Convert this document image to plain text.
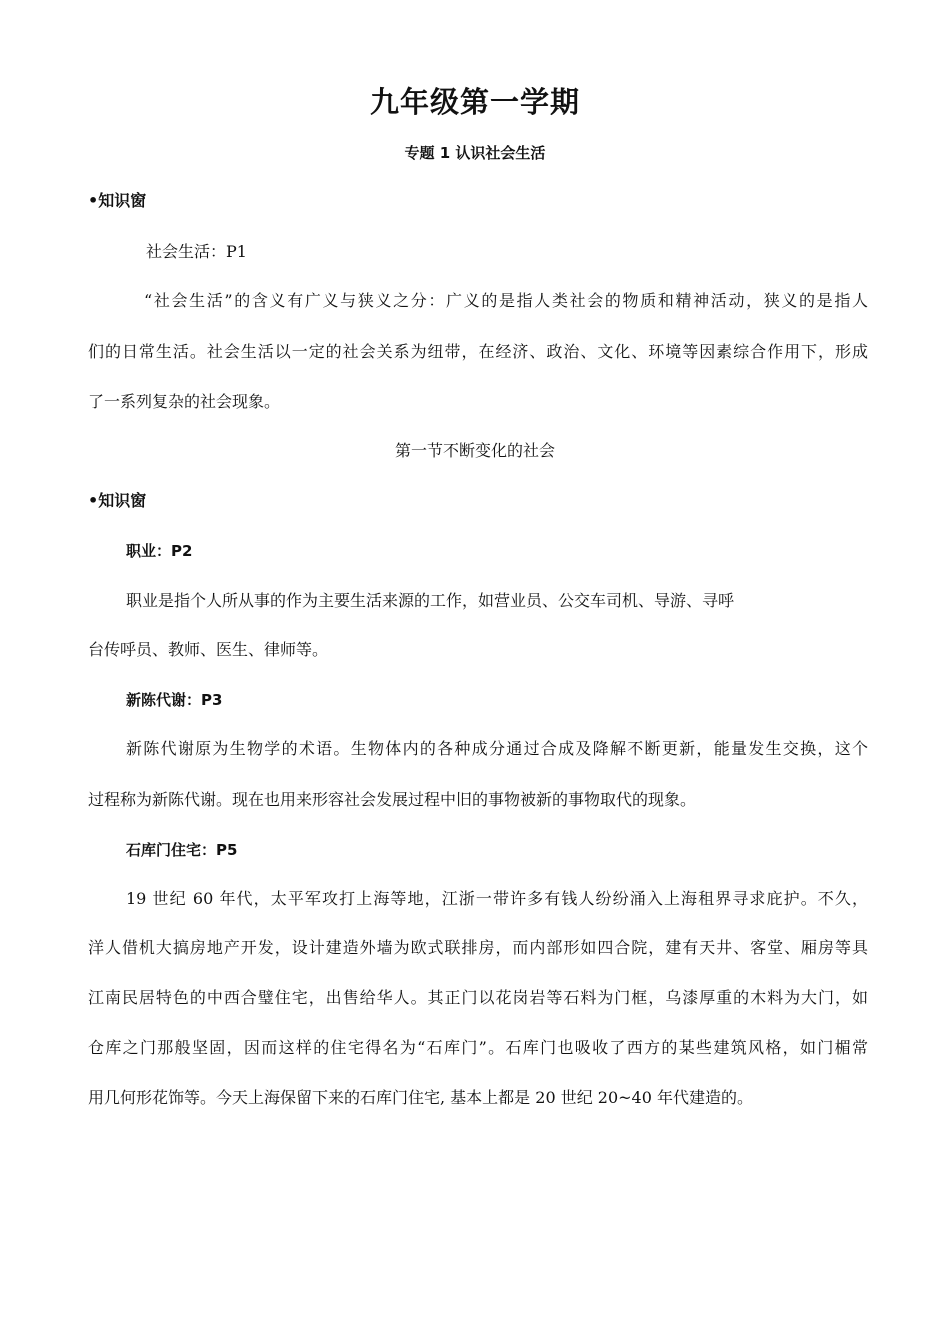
九年级第一学期
专题 1 认识社会生活
•知识窗
社会生活：P1
“社会生活”的含义有广义与狭义之分：广义的是指人类社会的物质和精神活动，狭义的是指人
们的日常生活。社会生活以一定的社会关系为纽带，在经济、政治、文化、环境等因素综合作用下，形成
了一系列复杂的社会现象。
第一节不断变化的社会
•知识窗
职业：P2
职业是指个人所从事的作为主要生活来源的工作，如营业员、公交车司机、导游、寻呼
台传呼员、教师、医生、律师等。
新陈代谢：P3
新陈代谢原为生物学的术语。生物体内的各种成分通过合成及降解不断更新，能量发生交换，这个
过程称为新陈代谢。现在也用来形容社会发展过程中旧的事物被新的事物取代的现象。
石库门住宅：P5
19 世纪 60 年代，太平军攻打上海等地，江浙一带许多有钱人纷纷涌入上海租界寻求庇护。不久，
洋人借机大搞房地产开发，设计建造外墙为欧式联排房，而内部形如四合院，建有天井、客堂、厢房等具
江南民居特色的中西合璧住宅，出售给华人。其正门以花岗岩等石料为门框，乌漆厚重的木料为大门，如
仓库之门那般坚固，因而这样的住宅得名为“石库门”。石库门也吸收了西方的某些建筑风格，如门楣常
用几何形花饰等。今天上海保留下来的石库门住宅, 基本上都是 20 世纪 20~40 年代建造的。
